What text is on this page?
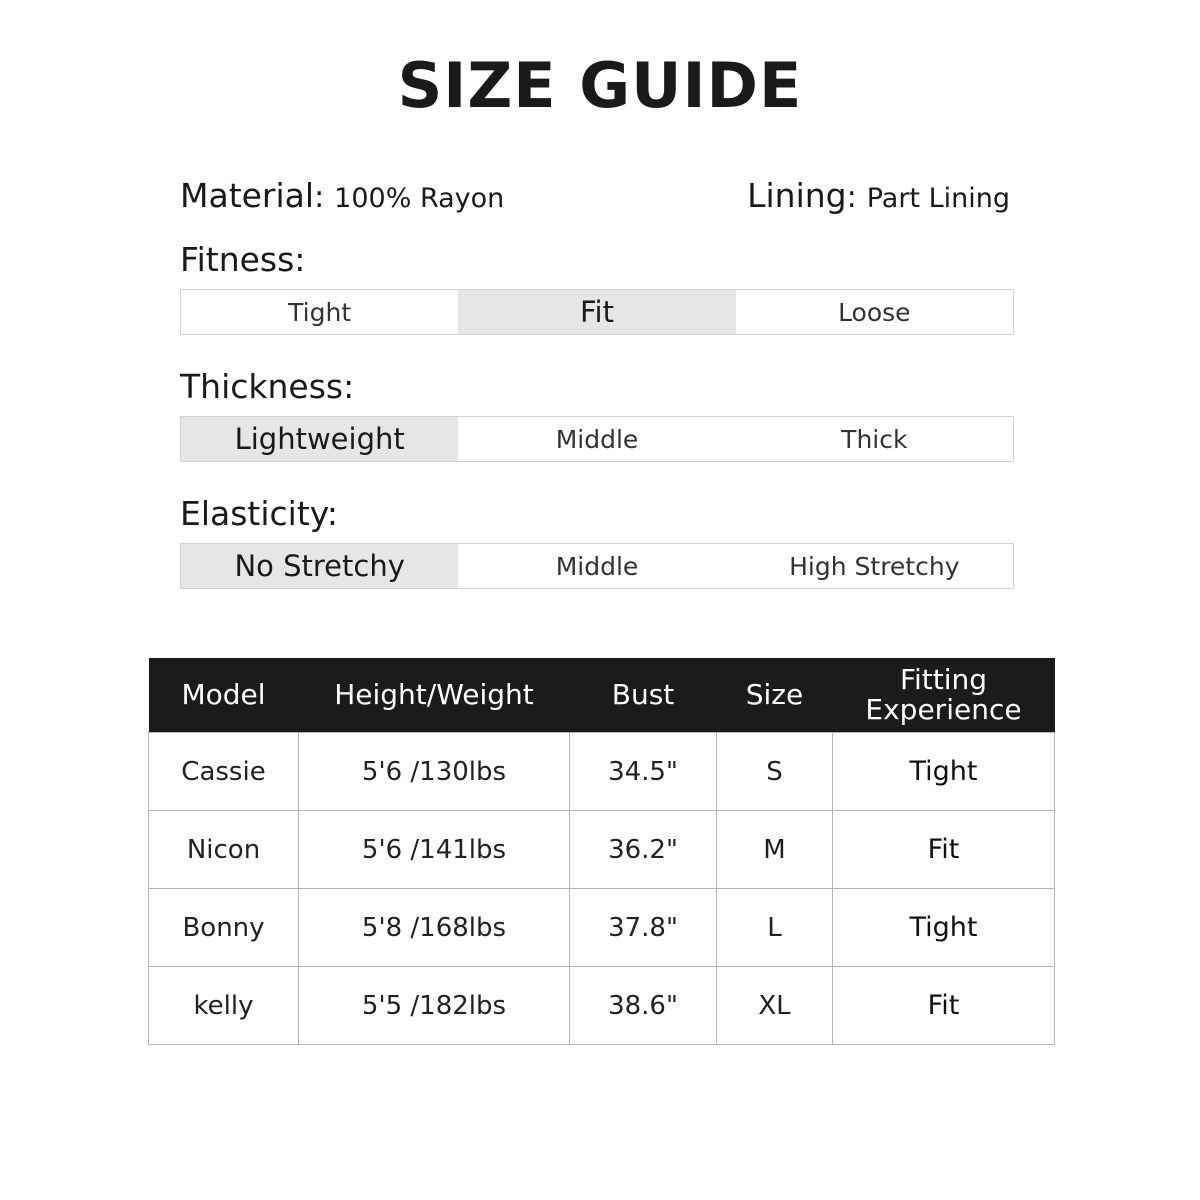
SIZE GUIDE
Material: 100% Rayon	Lining: Part Lining
Fitness:
Tight	Fit	Loose
Thickness:
Lightweight	Middle	Thick
Elasticity:
No Stretchy	Middle	High Stretchy
Model	Height/Weight	Bust	Size	Fitting Experience
Cassie	5'6 /130lbs	34.5"	S	Tight
Nicon	5'6 /141lbs	36.2"	M	Fit
Bonny	5'8 /168lbs	37.8"	L	Tight
kelly	5'5 /182lbs	38.6"	XL	Fit
